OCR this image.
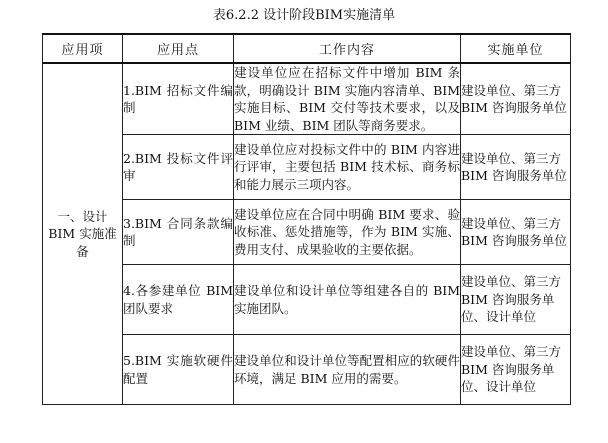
表6.2.2 设计阶段BIM实施清单
应用项	应用点	工作内容	实施单位

一、设计 BIM 实施准备	1.BIM 招标文件编制	建设单位应在招标文件中增加 BIM 条款，明确设计 BIM 实施内容清单、BIM 实施目标、BIM 交付等技术要求，以及 BIM 业绩、BIM 团队等商务要求。	建设单位、第三方 BIM 咨询服务单位

	2.BIM 投标文件评审	建设单位应对投标文件中的 BIM 内容进行评审，主要包括 BIM 技术标、商务标和能力展示三项内容。	建设单位、第三方 BIM 咨询服务单位

	3.BIM 合同条款编制	建设单位应在合同中明确 BIM 要求、验收标准、惩处措施等，作为 BIM 实施、费用支付、成果验收的主要依据。	建设单位、第三方 BIM 咨询服务单位

	4.各参建单位 BIM 团队要求	建设单位和设计单位等组建各自的 BIM 实施团队。	建设单位、第三方 BIM 咨询服务单位、设计单位

	5.BIM 实施软硬件配置	建设单位和设计单位等配置相应的软硬件环境，满足 BIM 应用的需要。	建设单位、第三方 BIM 咨询服务单位、设计单位
